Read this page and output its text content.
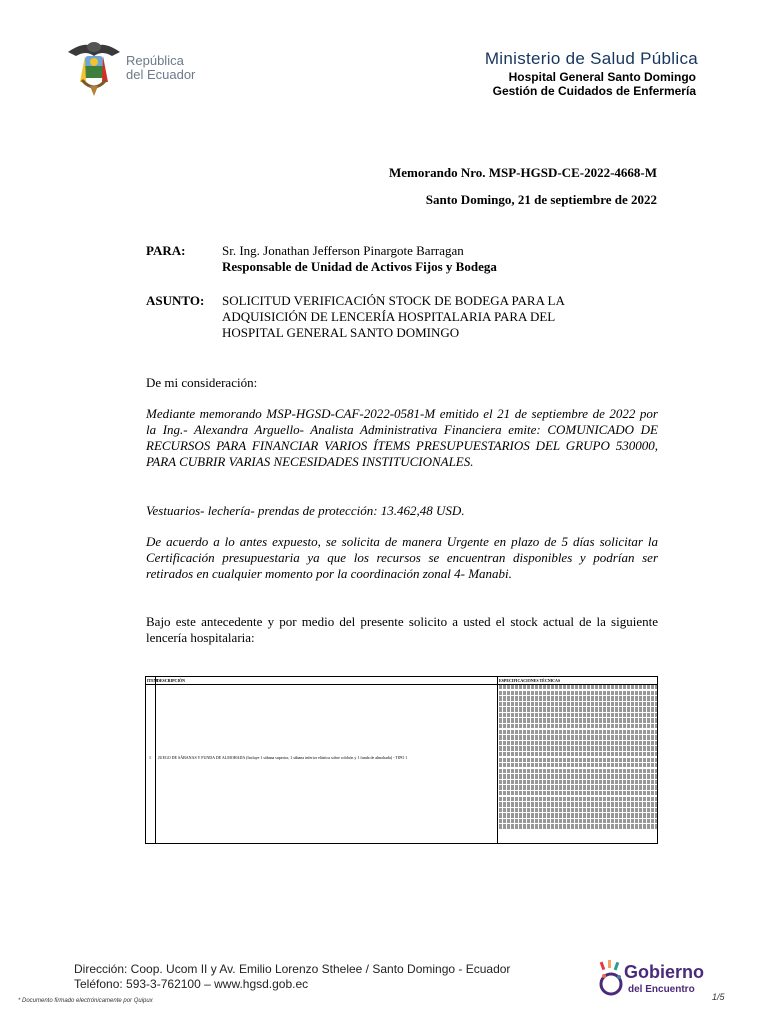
República
del Ecuador
Ministerio de Salud Pública
Hospital General Santo Domingo
Gestión de Cuidados de Enfermería
Memorando Nro. MSP-HGSD-CE-2022-4668-M
Santo Domingo, 21 de septiembre de 2022
PARA:	Sr. Ing. Jonathan Jefferson Pinargote Barragan
Responsable de Unidad de Activos Fijos y Bodega
ASUNTO: SOLICITUD VERIFICACIÓN STOCK DE BODEGA PARA LA
ADQUISICIÓN DE LENCERÍA HOSPITALARIA PARA DEL
HOSPITAL GENERAL SANTO DOMINGO
De mi consideración:
Mediante memorando MSP-HGSD-CAF-2022-0581-M emitido el 21 de septiembre de 2022 por la Ing.- Alexandra Arguello- Analista Administrativa Financiera emite: COMUNICADO DE RECURSOS PARA FINANCIAR VARIOS ÍTEMS PRESUPUESTARIOS DEL GRUPO 530000, PARA CUBRIR VARIAS NECESIDADES INSTITUCIONALES.
Vestuarios- lechería- prendas de protección: 13.462,48 USD.
De acuerdo a lo antes expuesto, se solicita de manera Urgente en plazo de 5 días solicitar la Certificación presupuestaria ya que los recursos se encuentran disponibles y podrían ser retirados en cualquier momento por la coordinación zonal 4- Manabi.
Bajo este antecedente y por medio del presente solicito a usted el stock actual de la siguiente lencería hospitalaria:
ITEM DESCRIPCIÓN	ESPECIFICACIONES TÉCNICAS
1 JUEGO DE SÁBANAS Y FUNDA DE ALMOHADA (Incluye 1 sábana superior, 1 sábana inferior elástica sobre colchón y 1 funda de almohada) - TIPO 1
Dirección: Coop. Ucom II y Av. Emilio Lorenzo Sthelee / Santo Domingo - Ecuador
Teléfono: 593-3-762100 – www.hgsd.gob.ec
* Documento firmado electrónicamente por Quipux
Gobierno
del Encuentro
1/5
